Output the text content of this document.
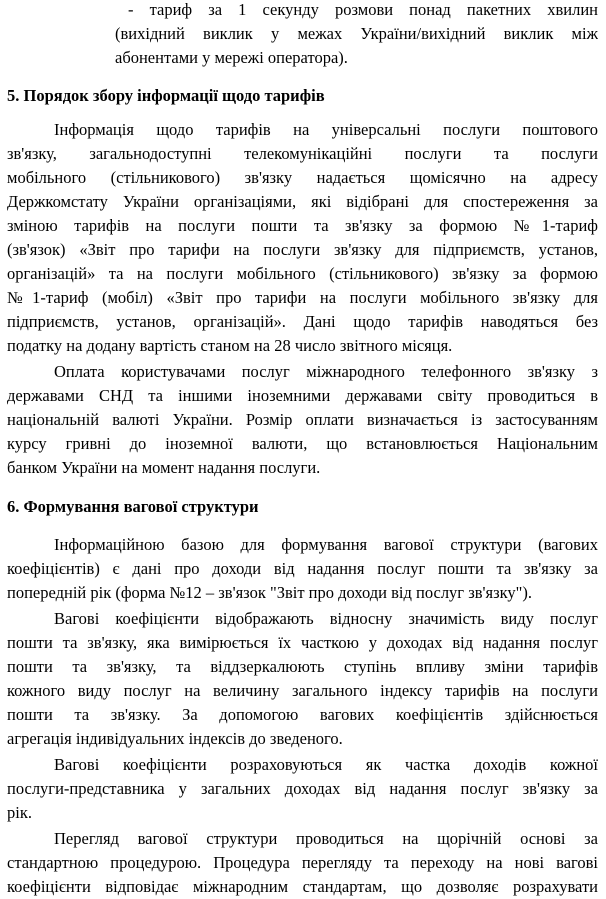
- тариф за 1 секунду розмови понад пакетних хвилин
(вихідний виклик у межах України/вихідний виклик між
абонентами у мережі оператора).
5. Порядок збору інформації щодо тарифів
Інформація щодо тарифів на універсальні послуги поштового
зв'язку, загальнодоступні телекомунікаційні послуги та послуги
мобільного (стільникового) зв'язку надається щомісячно на адресу
Держкомстату України організаціями, які відібрані для спостереження за
зміною тарифів на послуги пошти та зв'язку за формою №1-тариф
(зв'язок) «Звіт про тарифи на послуги зв'язку для підприємств, установ,
організацій» та на послуги мобільного (стільникового) зв'язку за формою
№1-тариф (мобіл) «Звіт про тарифи на послуги мобільного зв'язку для
підприємств, установ, організацій». Дані щодо тарифів наводяться без
податку на додану вартість станом на 28 число звітного місяця.
Оплата користувачами послуг міжнародного телефонного зв'язку з
державами СНД та іншими іноземними державами світу проводиться в
національній валюті України. Розмір оплати визначається із застосуванням
курсу гривні до іноземної валюти, що встановлюється Національним
банком України на момент надання послуги.
6. Формування вагової структури
Інформаційною базою для формування вагової структури (вагових
коефіцієнтів) є дані про доходи від надання послуг пошти та зв'язку за
попередній рік (форма №12 – зв'язок "Звіт про доходи від послуг зв'язку").
Вагові коефіцієнти відображають відносну значимість виду послуг
пошти та зв'язку, яка вимірюється їх часткою у доходах від надання послуг
пошти та зв'язку, та віддзеркалюють ступінь впливу зміни тарифів
кожного виду послуг на величину загального індексу тарифів на послуги
пошти та зв'язку. За допомогою вагових коефіцієнтів здійснюється
агрегація індивідуальних індексів до зведеного.
Вагові коефіцієнти розраховуються як частка доходів кожної
послуги-представника у загальних доходах від надання послуг зв'язку за
рік.
Перегляд вагової структури проводиться на щорічній основі за
стандартною процедурою. Процедура перегляду та переходу на нові вагові
коефіцієнти відповідає міжнародним стандартам, що дозволяє розрахувати
